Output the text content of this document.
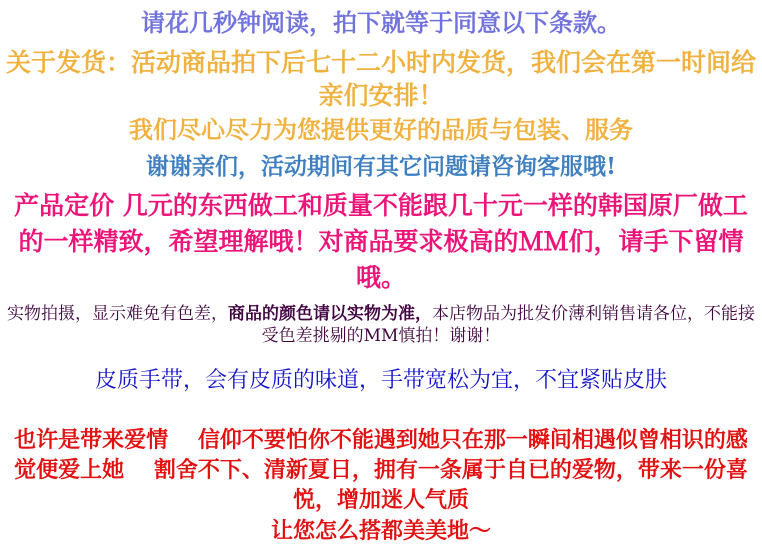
请花几秒钟阅读，拍下就等于同意以下条款。

关于发货：活动商品拍下后七十二小时内发货，我们会在第一时间给亲们安排！

我们尽心尽力为您提供更好的品质与包装、服务

谢谢亲们，活动期间有其它问题请咨询客服哦!

产品定价 几元的东西做工和质量不能跟几十元一样的韩国原厂做工的一样精致，希望理解哦！对商品要求极高的ＭＭ们，请手下留情哦。

实物拍摄，显示难免有色差，商品的颜色请以实物为准，本店物品为批发价薄利销售请各位，不能接受色差挑剔的MM慎拍！谢谢！

皮质手带，会有皮质的味道，手带宽松为宜，不宜紧贴皮肤

也许是带来爱情　 信仰不要怕你不能遇到她只在那一瞬间相遇似曾相识的感觉便爱上她　 割舍不下、清新夏日，拥有一条属于自已的爱物，带来一份喜悦，增加迷人气质

让您怎么搭都美美地～
